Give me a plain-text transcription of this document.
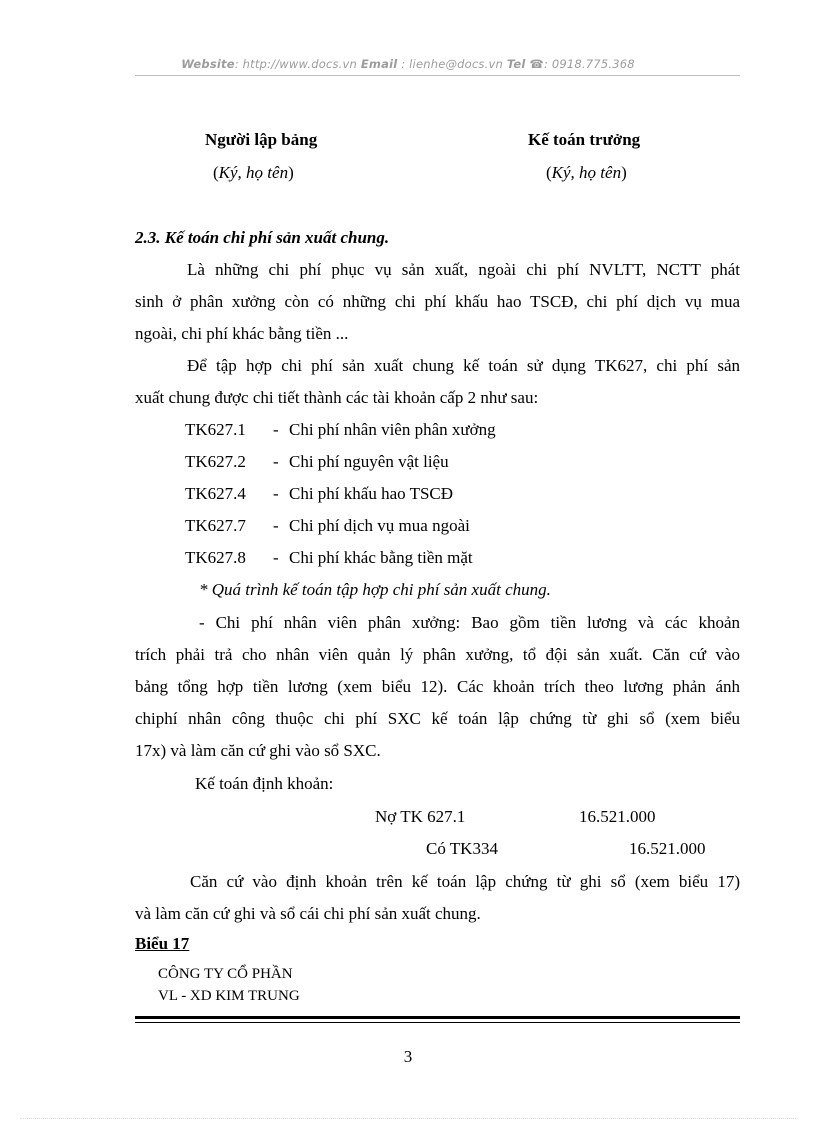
Website: http://www.docs.vn Email : lienhe@docs.vn Tel ☎: 0918.775.368
Người lập bảng
(Ký, họ tên)
Kế toán trưởng
(Ký, họ tên)
2.3. Kế toán chi phí sản xuất chung.
Là những chi phí phục vụ sản xuất, ngoài chi phí NVLTT, NCTT phát
sinh ở phân xưởng còn có những chi phí khấu hao TSCĐ, chi phí dịch vụ mua
ngoài, chi phí khác bằng tiền ...
Để tập hợp chi phí sản xuất chung kế toán sử dụng TK627, chi phí sản
xuất chung được chi tiết thành các tài khoản cấp 2 như sau:
TK627.1 - Chi phí nhân viên phân xưởng
TK627.2 - Chi phí nguyên vật liệu
TK627.4 - Chi phí khấu hao TSCĐ
TK627.7 - Chi phí dịch vụ mua ngoài
TK627.8 - Chi phí khác bằng tiền mặt
* Quá trình kế toán tập hợp chi phí sản xuất chung.
- Chi phí nhân viên phân xưởng: Bao gồm tiền lương và các khoản
trích phải trả cho nhân viên quản lý phân xưởng, tổ đội sản xuất. Căn cứ vào
bảng tổng hợp tiền lương (xem biểu 12). Các khoản trích theo lương phản ánh
chiphí nhân công thuộc chi phí SXC kế toán lập chứng từ ghi sổ (xem biểu
17x) và làm căn cứ ghi vào sổ SXC.
Kế toán định khoản:
Nợ TK 627.1	16.521.000
Có TK334	16.521.000
Căn cứ vào định khoản trên kế toán lập chứng từ ghi sổ (xem biểu 17)
và làm căn cứ ghi và sổ cái chi phí sản xuất chung.
Biểu 17
CÔNG TY CỔ PHẦN
VL - XD KIM TRUNG
3
